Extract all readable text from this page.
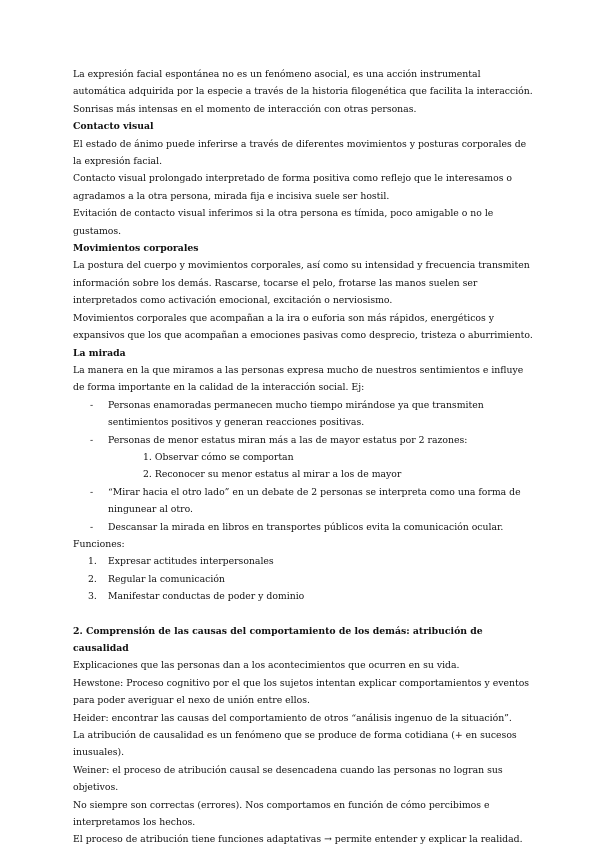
La expresión facial espontánea no es un fenómeno asocial, es una acción instrumental automática adquirida por la especie a través de la historia filogenética que facilita la interacción. Sonrisas más intensas en el momento de interacción con otras personas.

Contacto visual

El estado de ánimo puede inferirse a través de diferentes movimientos y posturas corporales de la expresión facial.

Contacto visual prolongado interpretado de forma positiva como reflejo que le interesamos o agradamos a la otra persona, mirada fija e incisiva suele ser hostil.

Evitación de contacto visual inferimos si la otra persona es tímida, poco amigable o no le gustamos.

Movimientos corporales

La postura del cuerpo y movimientos corporales, así como su intensidad y frecuencia transmiten información sobre los demás. Rascarse, tocarse el pelo, frotarse las manos suelen ser interpretados como activación emocional, excitación o nerviosismo.

Movimientos corporales que acompañan a la ira o euforia son más rápidos, energéticos y expansivos que los que acompañan a emociones pasivas como desprecio, tristeza o aburrimiento.

La mirada

La manera en la que miramos a las personas expresa mucho de nuestros sentimientos e influye de forma importante en la calidad de la interacción social. Ej:

- Personas enamoradas permanecen mucho tiempo mirándose ya que transmiten sentimientos positivos y generan reacciones positivas.
- Personas de menor estatus miran más a las de mayor estatus por 2 razones:
1. Observar cómo se comportan
2. Reconocer su menor estatus al mirar a los de mayor
- “Mirar hacia el otro lado” en un debate de 2 personas se interpreta como una forma de ningunear al otro.
- Descansar la mirada en libros en transportes públicos evita la comunicación ocular.

Funciones:

1. Expresar actitudes interpersonales
2. Regular la comunicación
3. Manifestar conductas de poder y dominio

2. Comprensión de las causas del comportamiento de los demás: atribución de causalidad

Explicaciones que las personas dan a los acontecimientos que ocurren en su vida.

Hewstone: Proceso cognitivo por el que los sujetos intentan explicar comportamientos y eventos para poder averiguar el nexo de unión entre ellos.

Heider: encontrar las causas del comportamiento de otros “análisis ingenuo de la situación”.

La atribución de causalidad es un fenómeno que se produce de forma cotidiana (+ en sucesos inusuales).

Weiner: el proceso de atribución causal se desencadena cuando las personas no logran sus objetivos.

No siempre son correctas (errores). Nos comportamos en función de cómo percibimos e interpretamos los hechos.

El proceso de atribución tiene funciones adaptativas → permite entender y explicar la realidad.
